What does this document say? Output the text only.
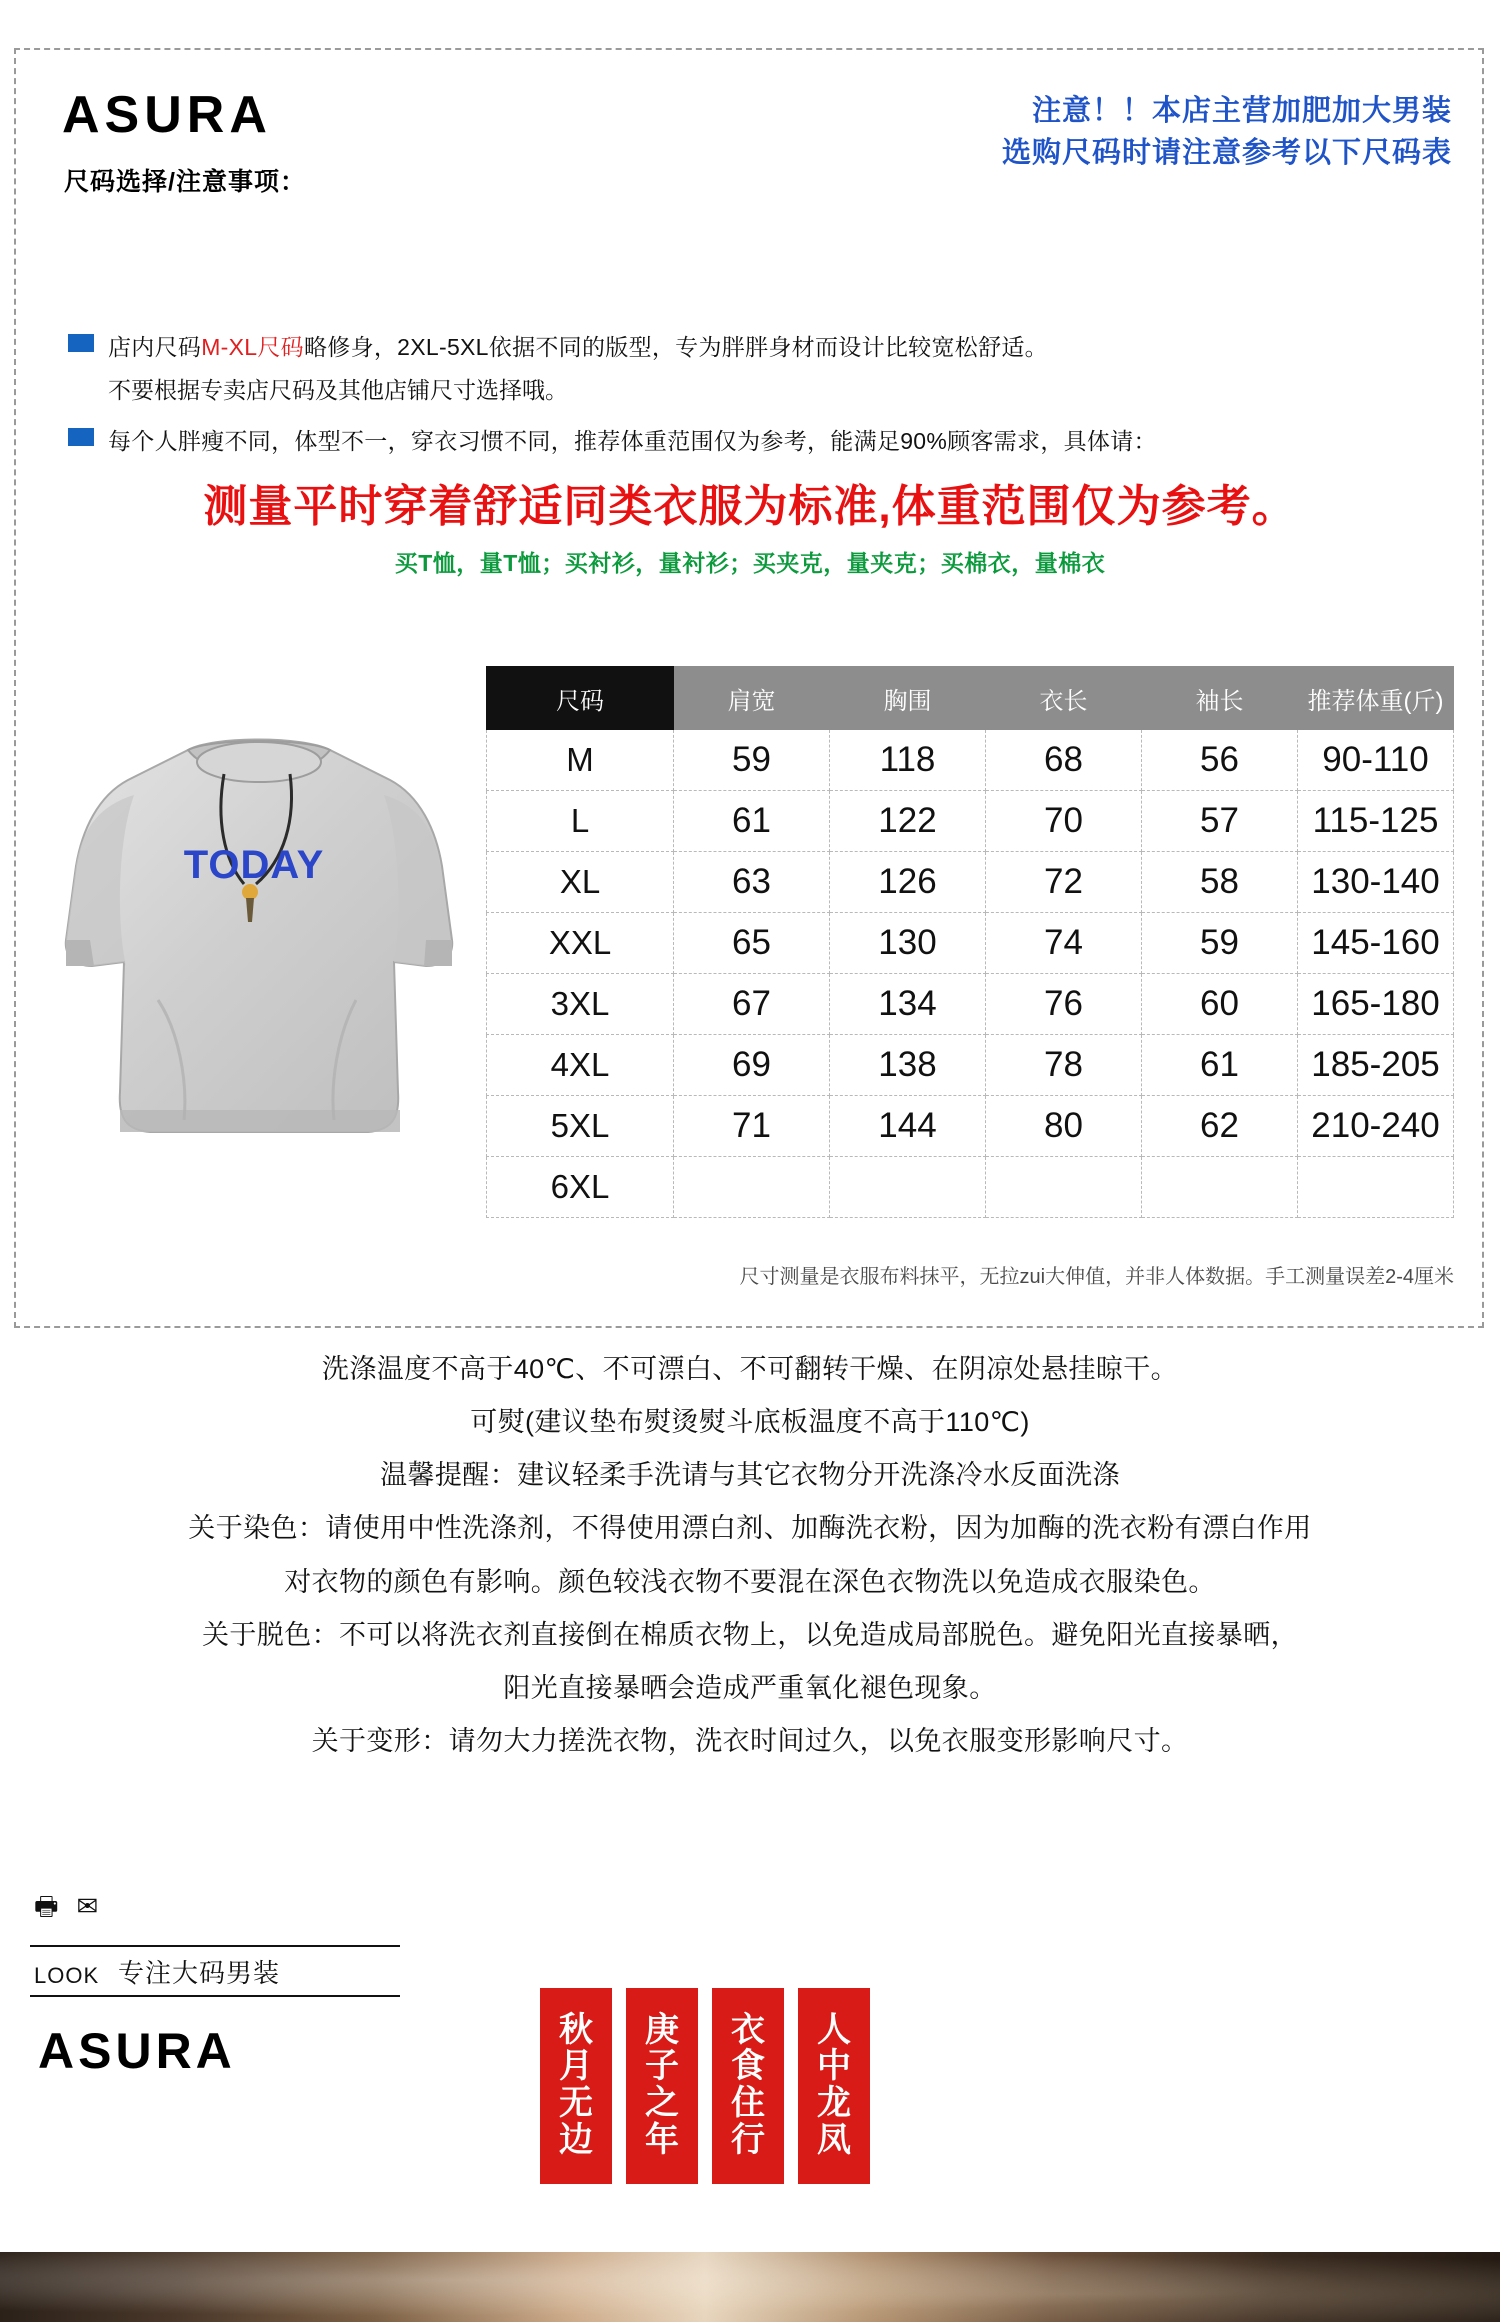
ASURA
尺码选择/注意事项：
注意！！本店主营加肥加大男装
选购尺码时请注意参考以下尺码表
店内尺码M-XL尺码略修身，2XL-5XL依据不同的版型，专为胖胖身材而设计比较宽松舒适。
不要根据专卖店尺码及其他店铺尺寸选择哦。
每个人胖瘦不同，体型不一，穿衣习惯不同，推荐体重范围仅为参考，能满足90%顾客需求，具体请：
测量平时穿着舒适同类衣服为标准,体重范围仅为参考。
买T恤，量T恤；买衬衫，量衬衫；买夹克，量夹克；买棉衣，量棉衣
TODAY
尺码	肩宽	胸围	衣长	袖长	推荐体重(斤)
M	59	118	68	56	90-110
L	61	122	70	57	115-125
XL	63	126	72	58	130-140
XXL	65	130	74	59	145-160
3XL	67	134	76	60	165-180
4XL	69	138	78	61	185-205
5XL	71	144	80	62	210-240
6XL					
尺寸测量是衣服布料抹平，无拉zui大伸值，并非人体数据。手工测量误差2-4厘米

洗涤温度不高于40℃、不可漂白、不可翻转干燥、在阴凉处悬挂晾干。

可熨(建议垫布熨烫熨斗底板温度不高于110℃)

温馨提醒：建议轻柔手洗请与其它衣物分开洗涤冷水反面洗涤

关于染色：请使用中性洗涤剂，不得使用漂白剂、加酶洗衣粉，因为加酶的洗衣粉有漂白作用

对衣物的颜色有影响。颜色较浅衣物不要混在深色衣物洗以免造成衣服染色。

关于脱色：不可以将洗衣剂直接倒在棉质衣物上，以免造成局部脱色。避免阳光直接暴晒，

阳光直接暴晒会造成严重氧化褪色现象。

关于变形：请勿大力搓洗衣物，洗衣时间过久，以免衣服变形影响尺寸。

🖶✉
LOOK 专注大码男装
ASURA	秋
月
无
边
庚
子
之
年
衣
食
住
行
人
中
龙
凤
